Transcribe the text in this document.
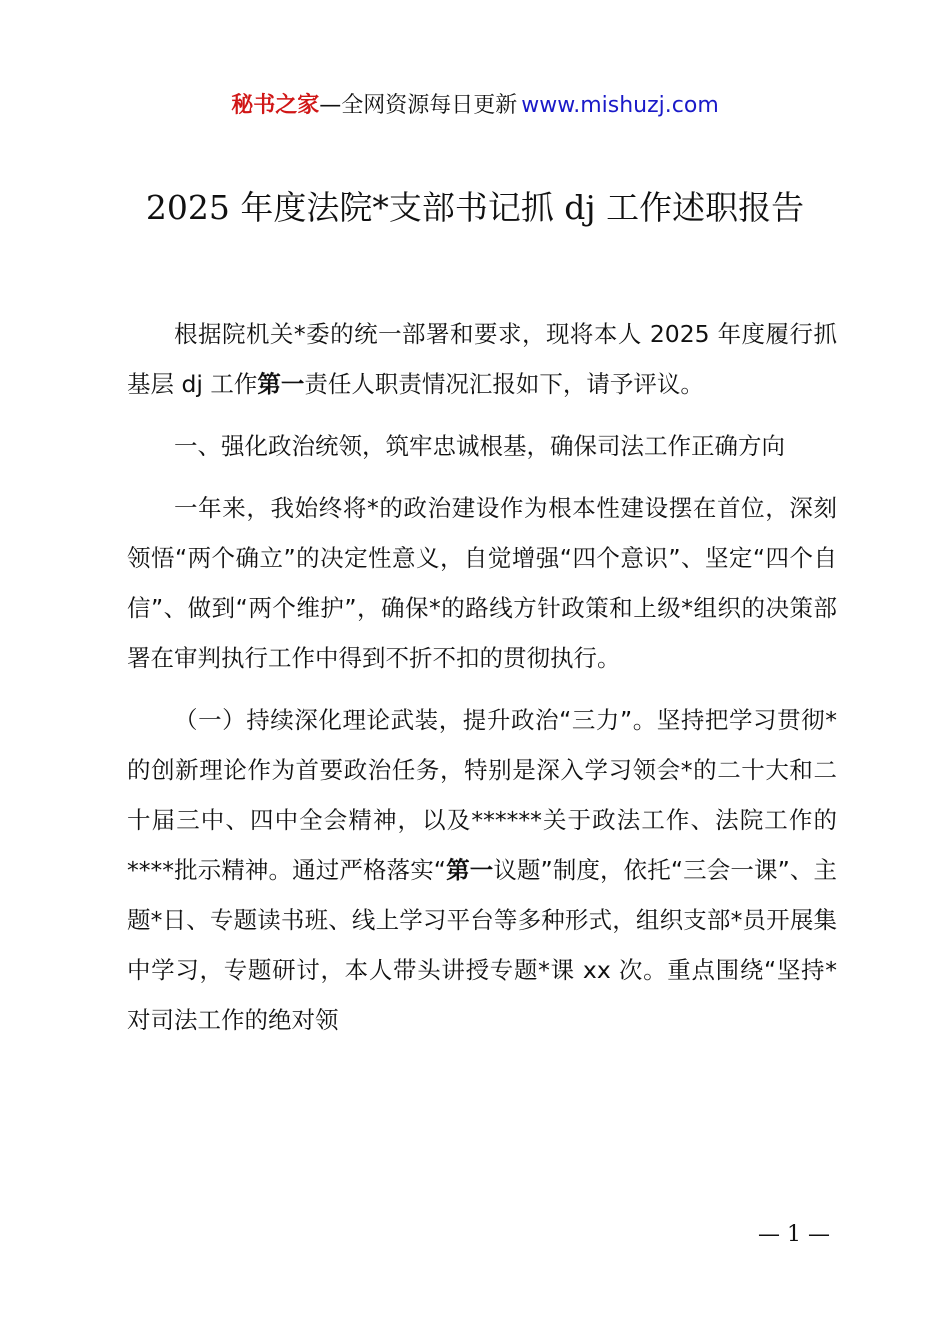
秘书之家—全网资源每日更新 www.mishuzj.com
2025 年度法院*支部书记抓 dj 工作述职报告

根据院机关*委的统一部署和要求，现将本人 2025 年度履行抓基层 dj 工作第一责任人职责情况汇报如下，请予评议。

一、强化政治统领，筑牢忠诚根基，确保司法工作正确方向

一年来，我始终将*的政治建设作为根本性建设摆在首位，深刻领悟“两个确立”的决定性意义，自觉增强“四个意识”、坚定“四个自信”、做到“两个维护”，确保*的路线方针政策和上级*组织的决策部署在审判执行工作中得到不折不扣的贯彻执行。

（一）持续深化理论武装，提升政治“三力”。坚持把学习贯彻*的创新理论作为首要政治任务，特别是深入学习领会*的二十大和二十届三中、四中全会精神，以及******关于政法工作、法院工作的****批示精神。通过严格落实“第一议题”制度，依托“三会一课”、主题*日、专题读书班、线上学习平台等多种形式，组织支部*员开展集中学习，专题研讨，本人带头讲授专题*课 xx 次。重点围绕“坚持*对司法工作的绝对领

— 1 —
